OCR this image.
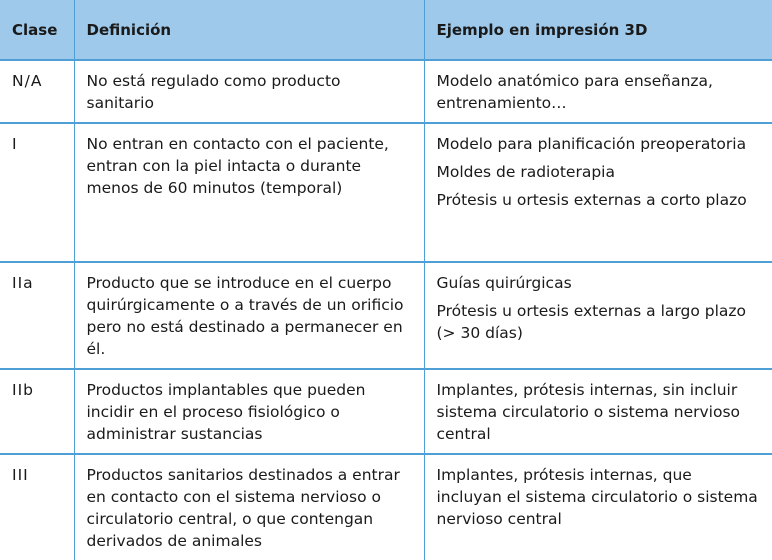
Clase	Definición	Ejemplo en impresión 3D
N/A	No está regulado como producto sanitario	Modelo anatómico para enseñanza, entrenamiento…

I	No entran en contacto con el paciente, entran con la piel intacta o durante menos de 60 minutos (temporal)	Modelo para planificación preoperatoria

Moldes de radioterapia

Prótesis u ortesis externas a corto plazo

IIa	Producto que se introduce en el cuerpo quirúrgicamente o a través de un orificio pero no está destinado a permanecer en él.	Guías quirúrgicas

Prótesis u ortesis externas a largo plazo (> 30 días)

IIb	Productos implantables que pueden incidir en el proceso fisiológico o administrar sustancias	Implantes, prótesis internas, sin incluir sistema circulatorio o sistema nervioso central

III	Productos sanitarios destinados a entrar en contacto con el sistema nervioso o circulatorio central, o que contengan derivados de animales	Implantes, prótesis internas, que incluyan el sistema circulatorio o sistema nervioso central
